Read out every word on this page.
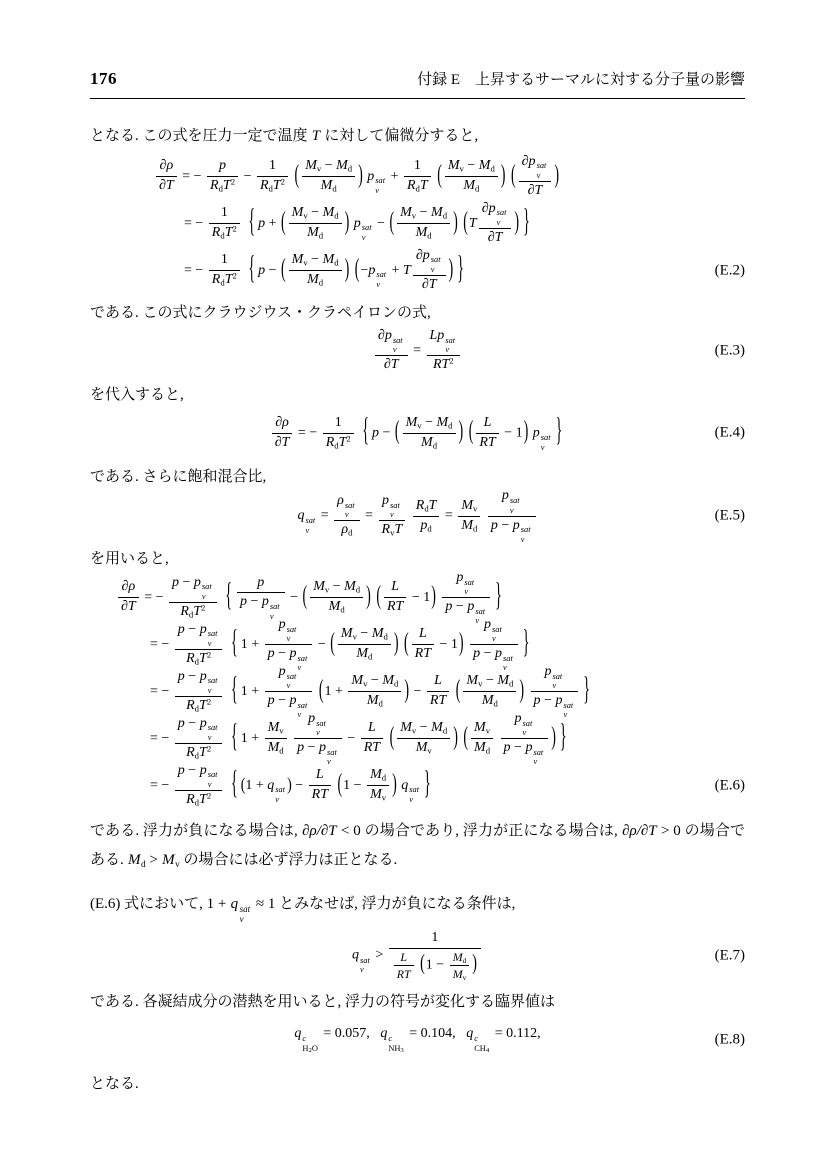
176	付録 E　上昇するサーマルに対する分子量の影響

となる. この式を圧力一定で温度 T に対して偏微分すると,

$\frac{\partial\rho}{\partial T}$ = −
p
$R_dT^2$ −
1
$R_dT^2$ ( $\frac{M_v - M_d}{M_d}$ ) p sat
v
+
1
$R_dT$ ( $\frac{M_v - M_d}{M_d}$ ) (
∂p sat
v
∂T
)
= −
1
$R_dT^2$ { p + ( $\frac{M_v - M_d}{M_d}$ ) p sat
v
− ( $\frac{M_v - M_d}{M_d}$ ) (T
∂p sat
v
∂T
) }
= −
1
$R_dT^2$ { p − ( $\frac{M_v - M_d}{M_d}$ ) (−p sat
v
+ T
∂p sat
v
∂T
) }	(E.2)

である. この式にクラウジウス・クラペイロンの式,

∂p sat
v
∂T
=
Lp sat
v
$RT^2$
(E.3)

を代入すると,

$\frac{\partial\rho}{\partial T}$ = −
1
$R_dT^2$ { p − ( $\frac{M_v - M_d}{M_d}$ ) ( $\frac{L}{RT} - 1$) p sat
v }	(E.4)

である. さらに飽和混合比,

q sat
v
=
ρ sat
v
$\rho_d$
=
p sat
v
$R_vT$

$R_dT$
$p_d$
= $\frac{M_v}{M_d}$

p sat
v
p − p sat
v
(E.5)

を用いると,

$\frac{\partial\rho}{\partial T}$ = −
p − p sat
v
$R_dT^2$	{	p
p − p sat
v
− ( $\frac{M_v - M_d}{M_d}$ ) ( $\frac{L}{RT} - 1$)
p sat
v
p − p sat
v
}
= −
p − p sat
v
$R_dT^2$	{ 1 +
p sat
v
p − p sat
v
− ( $\frac{M_v - M_d}{M_d}$ ) ( $\frac{L}{RT} - 1$)
p sat
v
p − p sat
v
}
= −
p − p sat
v
$R_dT^2$	{ 1 +
p sat
v
p − p sat
v
($1 + \frac{M_v - M_d}{M_d}$ ) − $\frac{L}{RT}$ ( $\frac{M_v - M_d}{M_d}$ )
p sat
v
p − p sat
v
}
= −
p − p sat
v
$R_dT^2$	{ $1 + \frac{M_v}{M_d}$

p sat
v
p − p sat
v
− $\frac{L}{RT}$ ( $\frac{M_v - M_d}{M_v}$ ) ( $\frac{M_v}{M_d}$

p sat
v
p − p sat
v
) }
= −
p − p sat
v
$R_dT^2$	{ (1 + q sat
v
) − $\frac{L}{RT} (1 - \frac{M_d}{M_v}$ ) q sat
v }	(E.6)

である. 浮力が負になる場合は, ∂ρ/∂T < 0 の場合であり, 浮力が正になる場合は, ∂ρ/∂T > 0 の場合である. $M_d > M_v$ の場合には必ず浮力は正となる.

(E.6) 式において, 1 + q sat
v
≈ 1 とみなせば, 浮力が負になる条件は,

q sat
v
>
1
$\frac{L}{RT} (1 - \frac{M_d}{M_v}$ )	(E.7)

である. 各凝結成分の潜熱を用いると, 浮力の符号が変化する臨界値は

q c
$H_2O$
= 0.057,   q c
$NH_3$
= 0.104,   q c
$CH_4$
= 0.112,	(E.8)

となる.
